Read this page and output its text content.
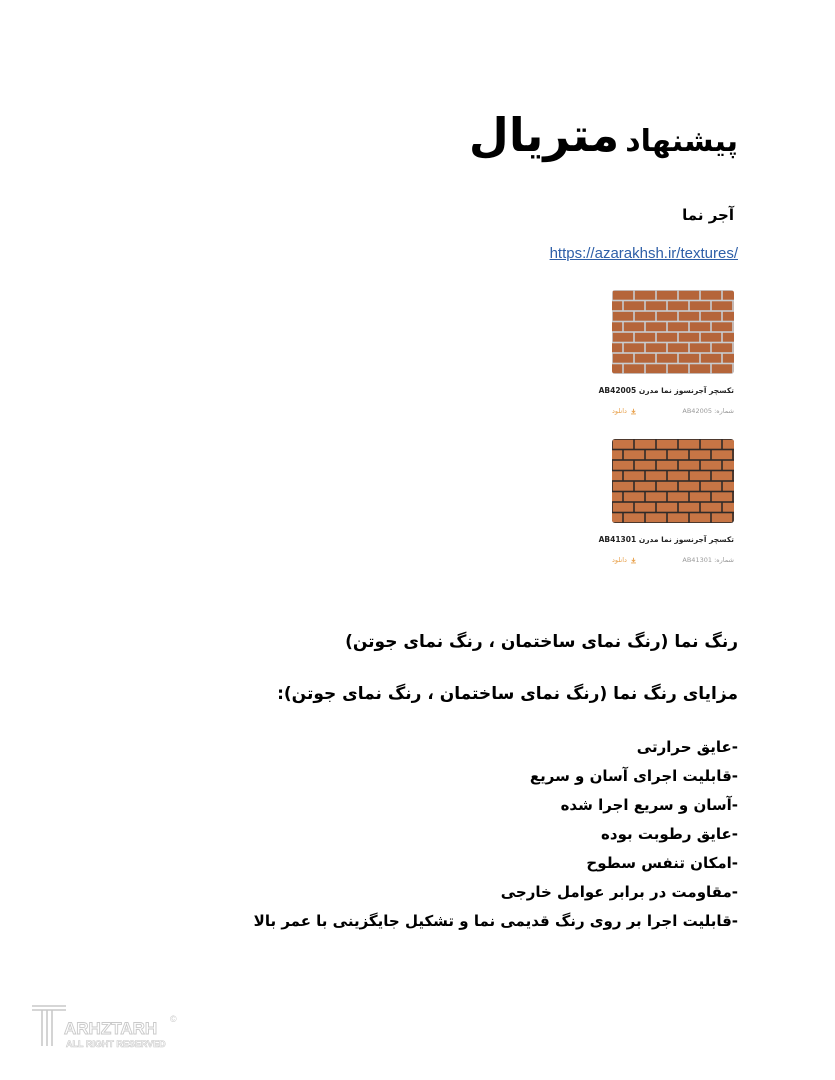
پیشنهادمتریال
آجر نما
https://azarakhsh.ir/textures/
تکسچر آجرنسوز نما مدرن AB42005
دانلود	شماره: AB42005
تکسچر آجرنسوز نما مدرن AB41301
دانلود	شماره: AB41301
رنگ نما (رنگ نمای ساختمان ، رنگ نمای جوتن)
مزایای رنگ نما (رنگ نمای ساختمان ، رنگ نمای جوتن):
-عایق حرارتی
-قابلیت اجرای آسان و سریع
-آسان و سریع اجرا شده
-عایق رطوبت بوده
-امکان تنفس سطوح
-مقاومت در برابر عوامل خارجی
-قابلیت اجرا بر روی رنگ قدیمی نما و تشکیل جایگزینی با عمر بالا
ARHZTARH
ALL RIGHT RESERVED
©
